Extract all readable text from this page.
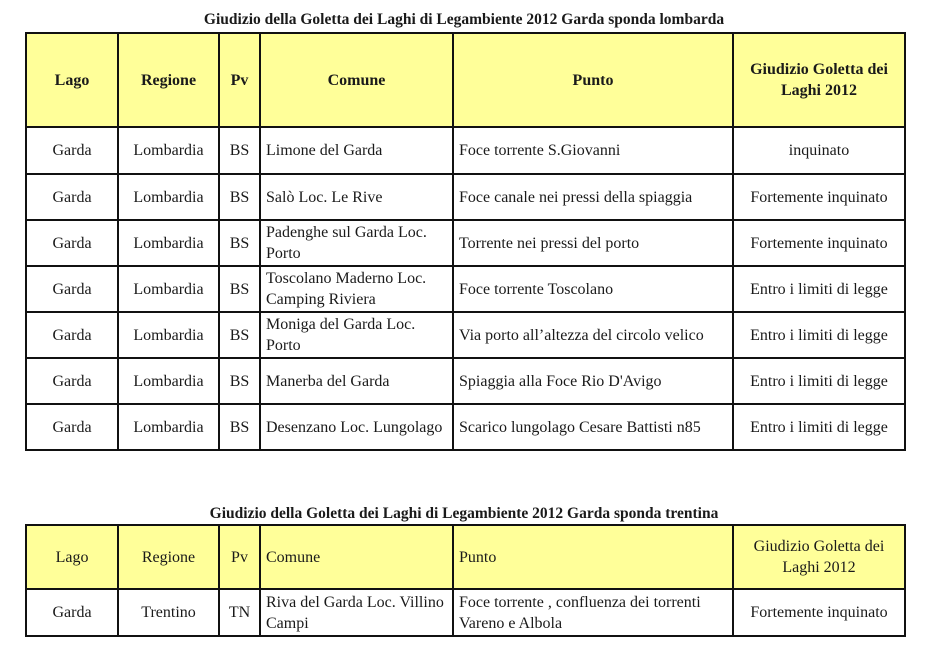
Giudizio della Goletta dei Laghi di Legambiente 2012 Garda sponda lombarda
Lago	Regione	Pv	Comune	Punto	Giudizio Goletta dei Laghi 2012
Garda	Lombardia	BS	Limone del Garda	Foce torrente S.Giovanni	inquinato
Garda	Lombardia	BS	Salò Loc. Le Rive	Foce canale nei pressi della spiaggia	Fortemente inquinato
Garda	Lombardia	BS	Padenghe sul Garda Loc. Porto	Torrente nei pressi del porto	Fortemente inquinato
Garda	Lombardia	BS	Toscolano Maderno Loc. Camping Riviera	Foce torrente Toscolano	Entro i limiti di legge
Garda	Lombardia	BS	Moniga del Garda Loc. Porto	Via porto all’altezza del circolo velico	Entro i limiti di legge
Garda	Lombardia	BS	Manerba del Garda	Spiaggia alla Foce Rio D'Avigo	Entro i limiti di legge
Garda	Lombardia	BS	Desenzano Loc. Lungolago	Scarico lungolago Cesare Battisti n85	Entro i limiti di legge
Giudizio della Goletta dei Laghi di Legambiente 2012 Garda sponda trentina
Lago	Regione	Pv	Comune	Punto	Giudizio Goletta dei Laghi 2012
Garda	Trentino	TN	Riva del Garda Loc. Villino Campi	Foce torrente , confluenza dei torrenti Vareno e Albola	Fortemente inquinato
